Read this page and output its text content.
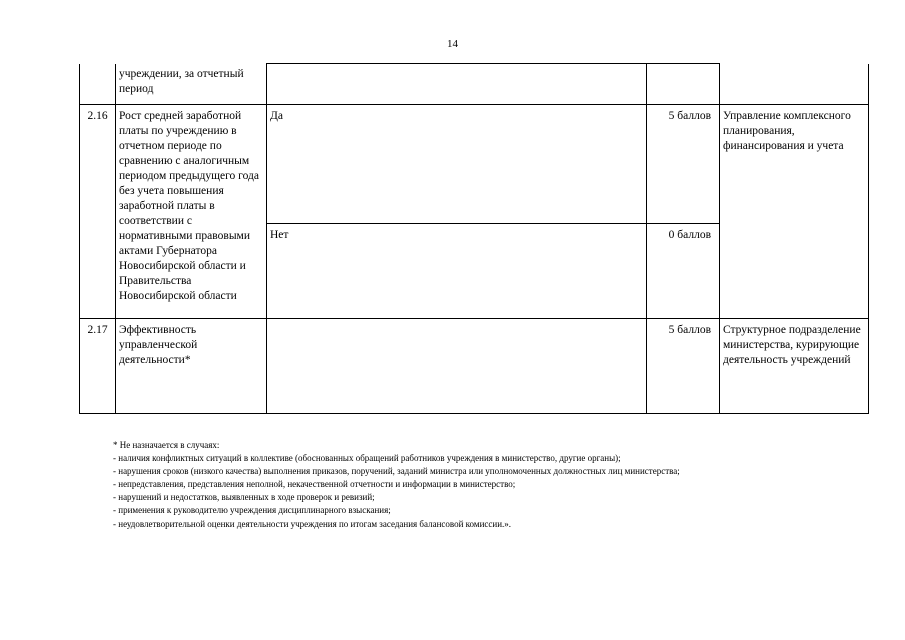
14
	учреждении, за отчетный период			
2.16	Рост средней заработной платы по учреждению в отчетном периоде по сравнению с аналогичным периодом предыдущего года без учета повышения заработной платы в соответствии с нормативными правовыми актами Губернатора Новосибирской области и Правительства Новосибирской области	Да	5 баллов	Управление комплексного планирования, финансирования и учета
		Нет	0 баллов	
2.17	Эффективность управленческой деятельности*		5 баллов	Структурное подразделение министерства, курирующие деятельность учреждений
* Не назначается в случаях:
- наличия конфликтных ситуаций в коллективе (обоснованных обращений работников учреждения в министерство, другие органы);
- нарушения сроков (низкого качества) выполнения приказов, поручений, заданий министра или уполномоченных должностных лиц министерства;
- непредставления, представления неполной, некачественной отчетности и информации в министерство;
- нарушений и недостатков, выявленных в ходе проверок и ревизий;
- применения к руководителю учреждения дисциплинарного взыскания;
- неудовлетворительной оценки деятельности учреждения по итогам заседания балансовой комиссии.».
